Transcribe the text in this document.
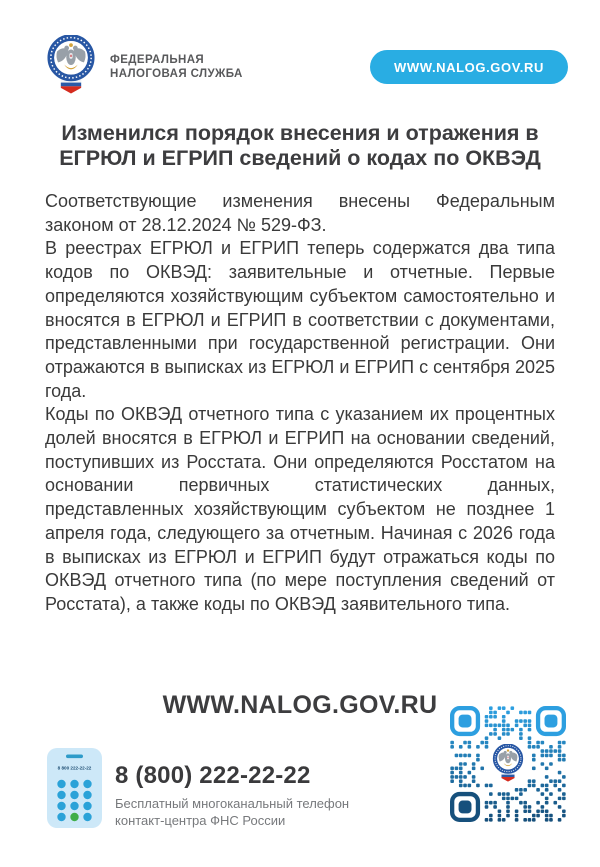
ФЕДЕРАЛЬНАЯ
НАЛОГОВАЯ СЛУЖБА	WWW.NALOG.GOV.RU
Изменился порядок внесения и отражения в ЕГРЮЛ и ЕГРИП сведений о кодах по ОКВЭД

Соответствующие изменения внесены Федеральным законом от 28.12.2024 № 529-ФЗ.

В реестрах ЕГРЮЛ и ЕГРИП теперь содержатся два типа кодов по ОКВЭД: заявительные и отчетные. Первые определяются хозяйствующим субъектом самостоятельно и вносятся в ЕГРЮЛ и ЕГРИП в соответствии с документами, представленными при государственной регистрации. Они отражаются в выписках из ЕГРЮЛ и ЕГРИП с сентября 2025 года.

Коды по ОКВЭД отчетного типа с указанием их процентных долей вносятся в ЕГРЮЛ и ЕГРИП на основании сведений, поступивших из Росстата. Они определяются Росстатом на основании первичных статистических данных, представленных хозяйствующим субъектом не позднее 1 апреля года, следующего за отчетным. Начиная с 2026 года в выписках из ЕГРЮЛ и ЕГРИП будут отражаться коды по ОКВЭД отчетного типа (по мере поступления сведений от Росстата), а также коды по ОКВЭД заявительного типа.

WWW.NALOG.GOV.RU
8 800 222-22-22 8 (800) 222-22-22
Бесплатный многоканальный телефон
контакт-центра ФНС России
